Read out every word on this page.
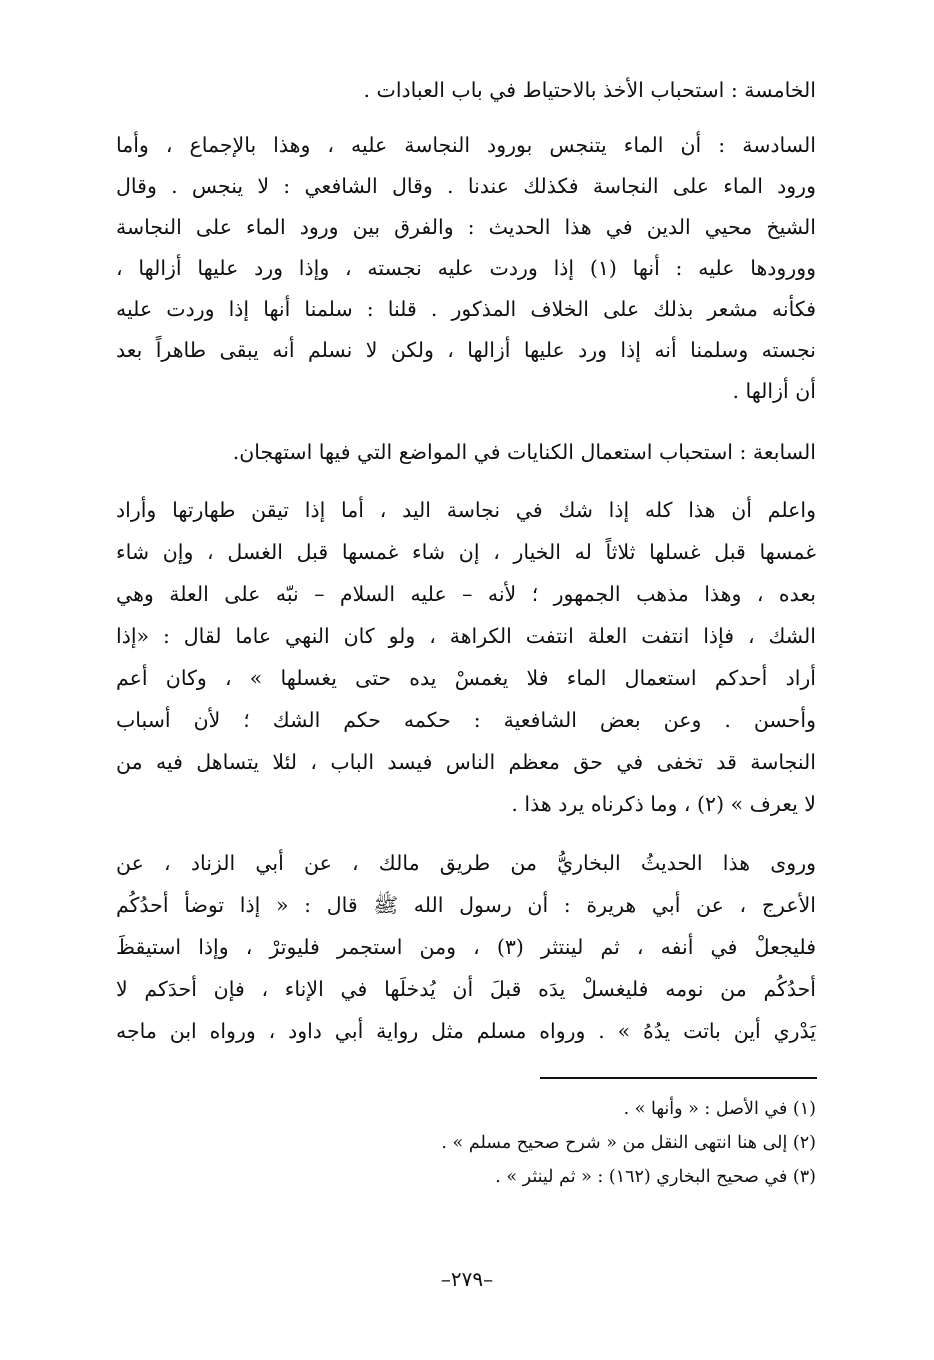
الخامسة : استحباب الأخذ بالاحتياط في باب العبادات .
السادسة : أن الماء يتنجس بورود النجاسة عليه ، وهذا بالإجماع ، وأما
ورود الماء على النجاسة فكذلك عندنا . وقال الشافعي : لا ينجس . وقال
الشيخ محيي الدين في هذا الحديث : والفرق بين ورود الماء على النجاسة
وورودها عليه : أنها (١) إذا وردت عليه نجسته ، وإذا ورد عليها أزالها ،
فكأنه مشعر بذلك على الخلاف المذكور . قلنا : سلمنا أنها إذا وردت عليه
نجسته وسلمنا أنه إذا ورد عليها أزالها ، ولكن لا نسلم أنه يبقى طاهراً بعد
أن أزالها .
السابعة : استحباب استعمال الكنايات في المواضع التي فيها استهجان.
واعلم أن هذا كله إذا شك في نجاسة اليد ، أما إذا تيقن طهارتها وأراد
غمسها قبل غسلها ثلاثاً له الخيار ، إن شاء غمسها قبل الغسل ، وإن شاء
بعده ، وهذا مذهب الجمهور ؛ لأنه – عليه السلام – نبّه على العلة وهي
الشك ، فإذا انتفت العلة انتفت الكراهة ، ولو كان النهي عاما لقال : «إذا
أراد أحدكم استعمال الماء فلا يغمسْ يده حتى يغسلها » ، وكان أعم
وأحسن . وعن بعض الشافعية : حكمه حكم الشك ؛ لأن أسباب
النجاسة قد تخفى في حق معظم الناس فيسد الباب ، لئلا يتساهل فيه من
لا يعرف » (٢) ، وما ذكرناه يرد هذا .
وروى هذا الحديثُ البخاريُّ من طريق مالك ، عن أبي الزناد ، عن
الأعرج ، عن أبي هريرة : أن رسول الله ﷺ قال : « إذا توضأ أحدُكُم
فليجعلْ في أنفه ، ثم لينتثر (٣) ، ومن استجمر فليوترْ ، وإذا استيقظَ
أحدُكُم من نومه فليغسلْ يدَه قبلَ أن يُدخلَها في الإناء ، فإن أحدَكم لا
يَدْري أين باتت يدُهُ » . ورواه مسلم مثل رواية أبي داود ، ورواه ابن ماجه
(١) في الأصل : « وأنها » .
(٢) إلى هنا انتهى النقل من « شرح صحيح مسلم » .
(٣) في صحيح البخاري (١٦٢) : « ثم لينثر » .
–٢٧٩–
